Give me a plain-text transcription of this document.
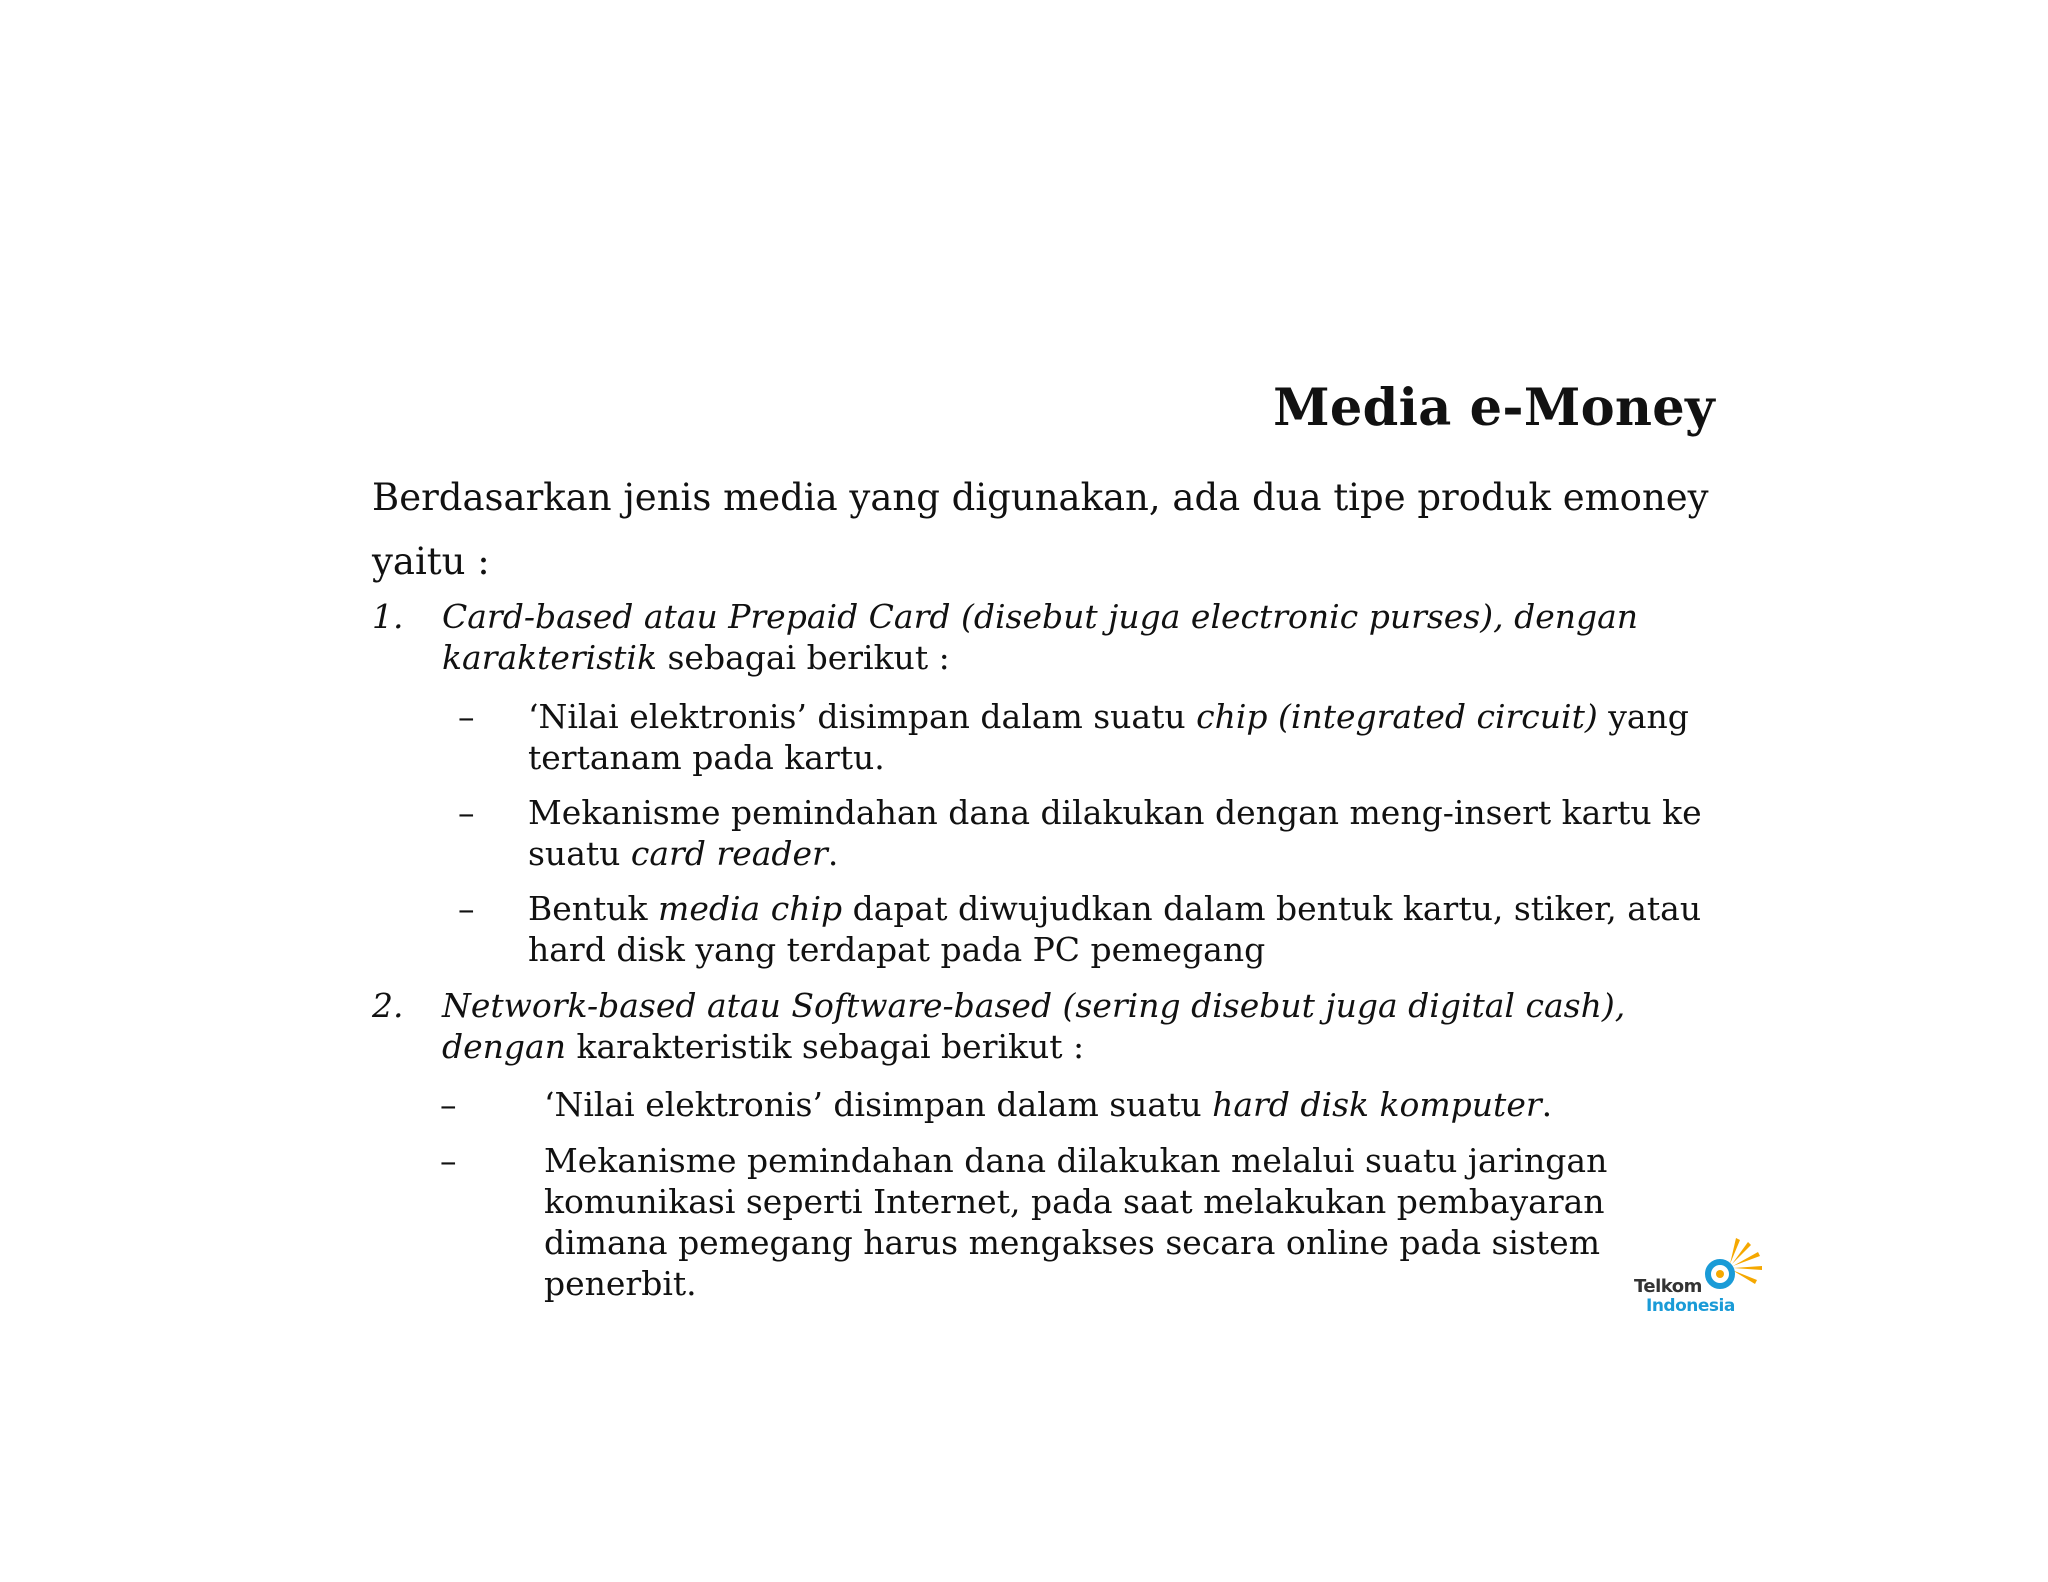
Media e-Money
Berdasarkan jenis media yang digunakan, ada dua tipe produk emoney yaitu :
1. Card-based atau Prepaid Card (disebut juga electronic purses), dengan karakteristik sebagai berikut :
– ‘Nilai elektronis’ disimpan dalam suatu chip (integrated circuit) yang tertanam pada kartu.
– Mekanisme pemindahan dana dilakukan dengan meng-insert kartu ke suatu card reader.
– Bentuk media chip dapat diwujudkan dalam bentuk kartu, stiker, atau hard disk yang terdapat pada PC pemegang
2. Network-based atau Software-based (sering disebut juga digital cash), dengan karakteristik sebagai berikut :
–	‘Nilai elektronis’ disimpan dalam suatu hard disk komputer.
–	Mekanisme pemindahan dana dilakukan melalui suatu jaringan komunikasi seperti Internet, pada saat melakukan pembayaran dimana pemegang harus mengakses secara online pada sistem penerbit.	Telkom
Indonesia
